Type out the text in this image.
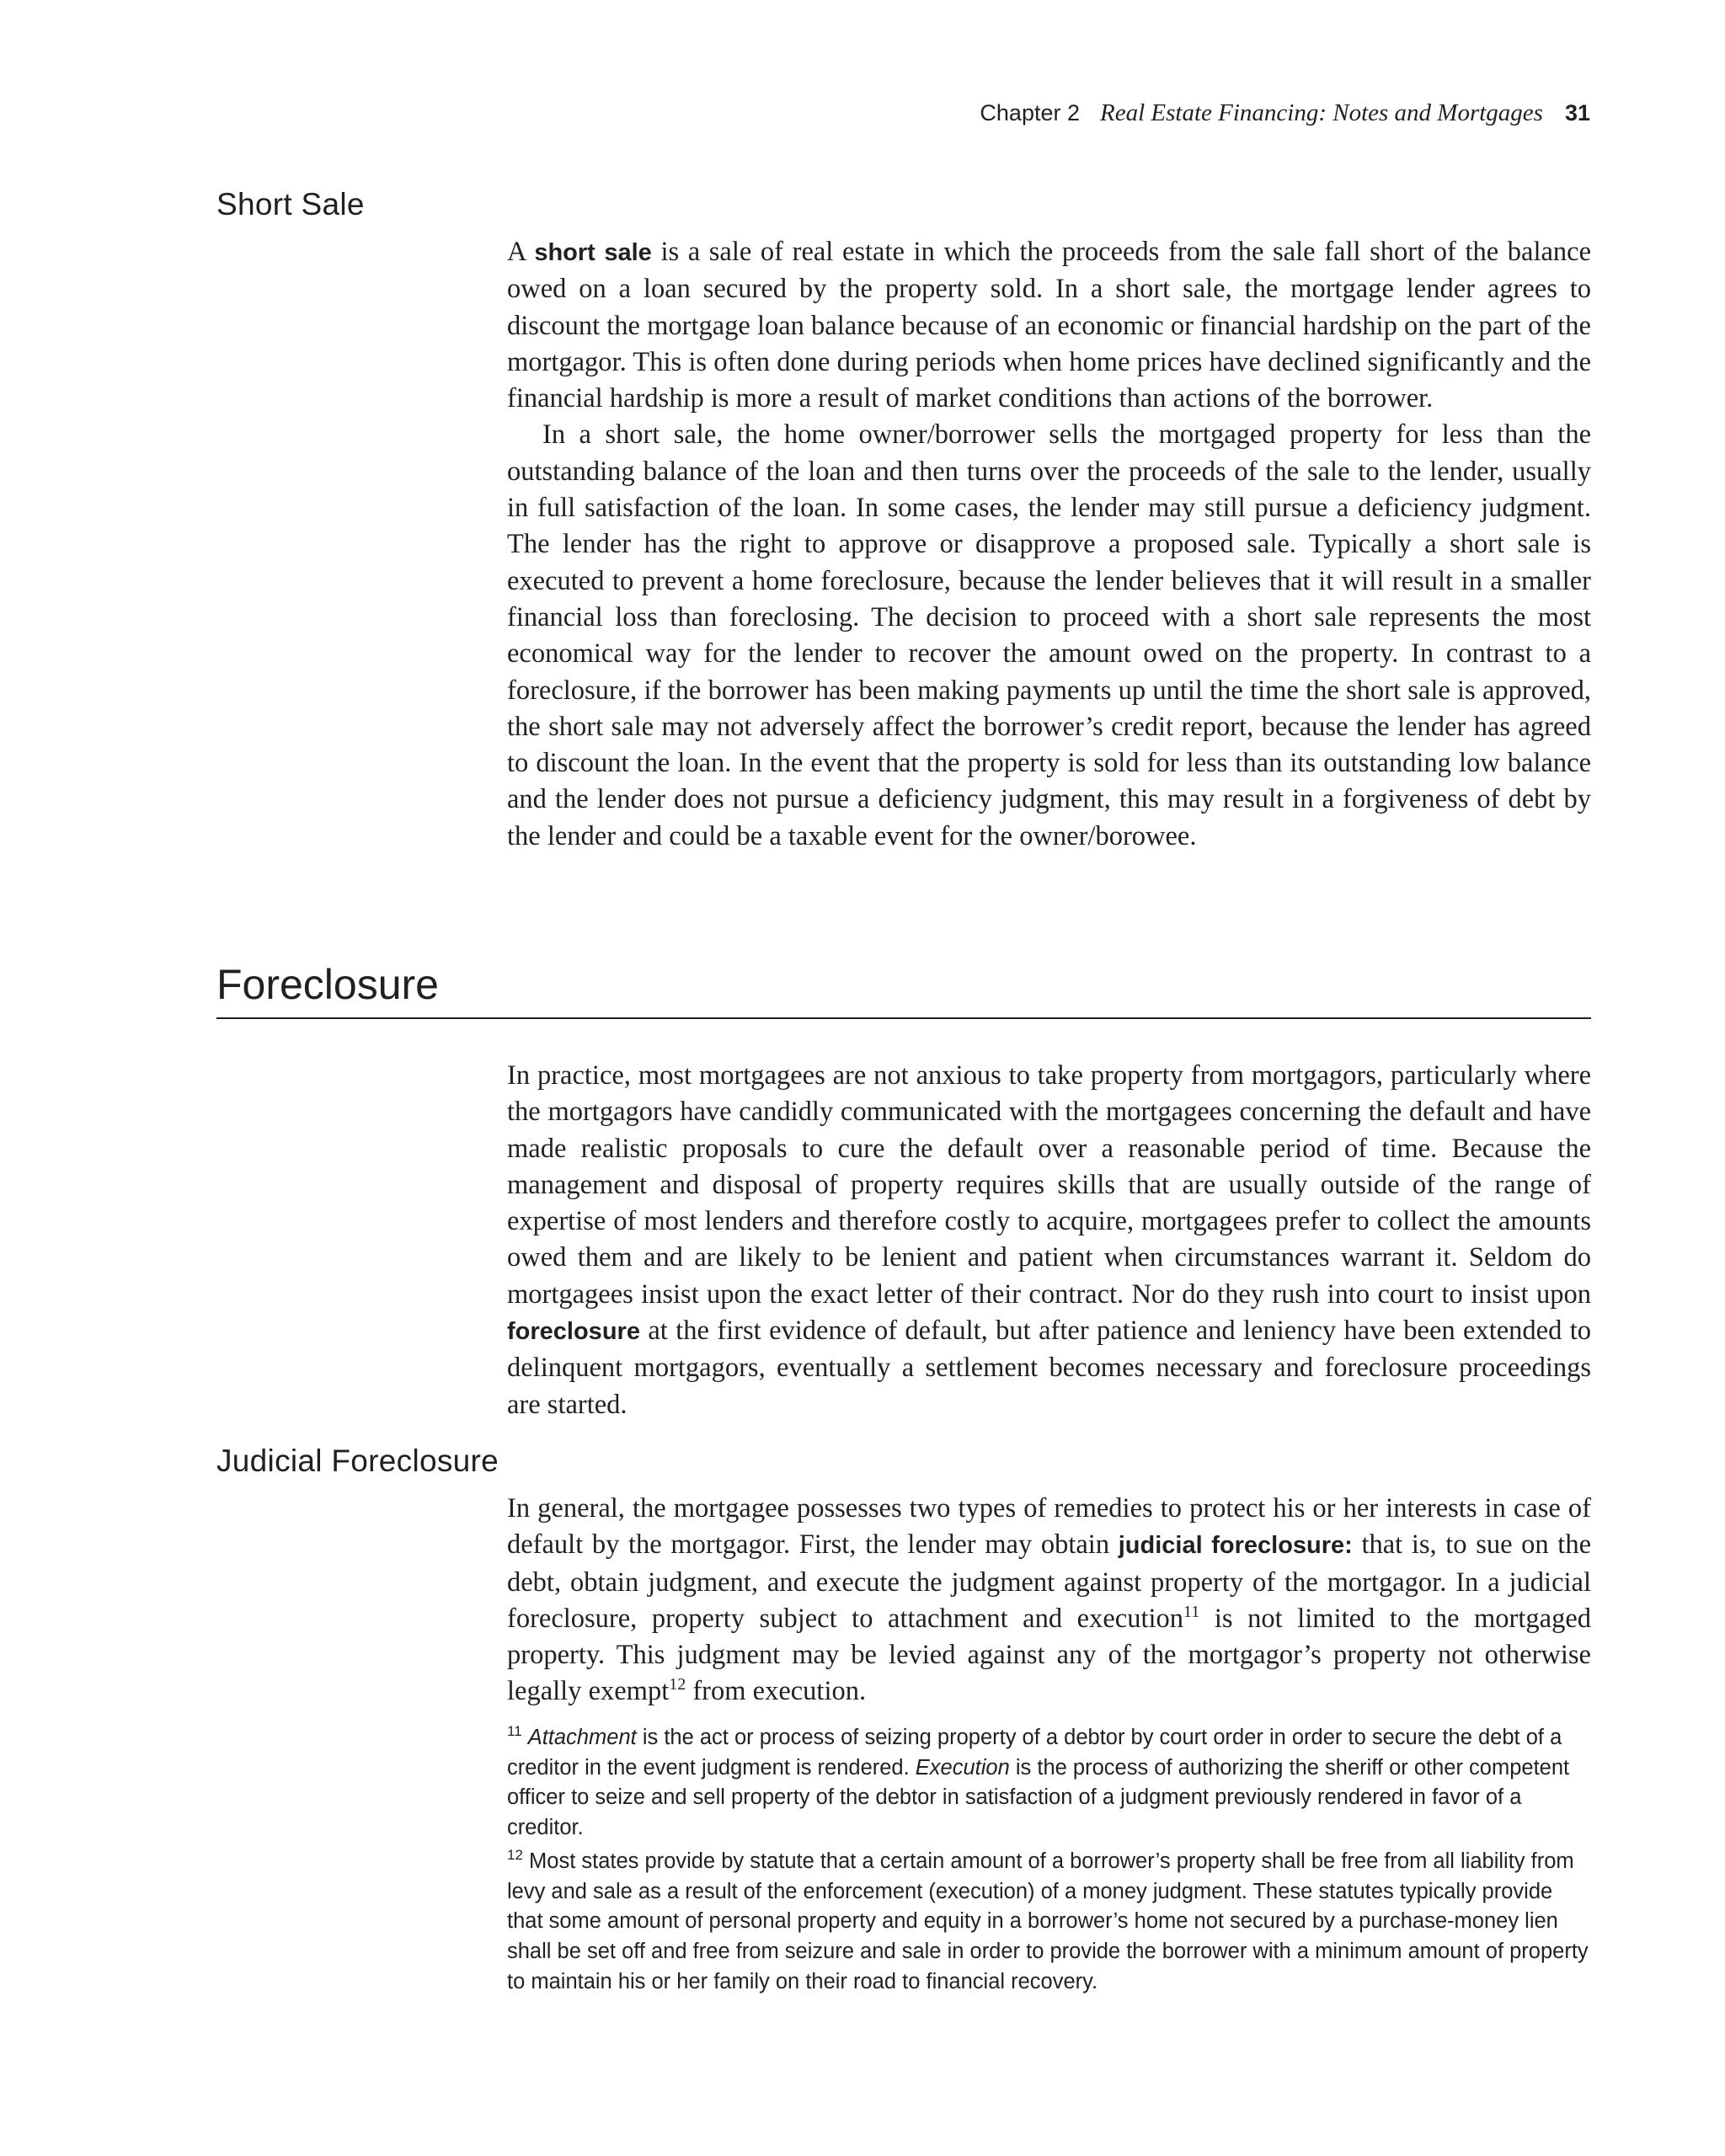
Chapter 2 Real Estate Financing: Notes and Mortgages 31
Short Sale

A short sale is a sale of real estate in which the proceeds from the sale fall short of the balance owed on a loan secured by the property sold. In a short sale, the mortgage lender agrees to discount the mortgage loan balance because of an economic or financial hardship on the part of the mortgagor. This is often done during periods when home prices have declined significantly and the financial hardship is more a result of market conditions than actions of the borrower.

In a short sale, the home owner/borrower sells the mortgaged property for less than the outstanding balance of the loan and then turns over the proceeds of the sale to the lender, usually in full satisfaction of the loan. In some cases, the lender may still pursue a deficiency judgment. The lender has the right to approve or disapprove a proposed sale. Typically a short sale is executed to prevent a home foreclosure, because the lender believes that it will result in a smaller financial loss than foreclosing. The decision to proceed with a short sale represents the most economical way for the lender to recover the amount owed on the property. In contrast to a foreclosure, if the borrower has been making payments up until the time the short sale is approved, the short sale may not adversely affect the borrower’s credit report, because the lender has agreed to discount the loan. In the event that the property is sold for less than its outstanding low balance and the lender does not pursue a deficiency judgment, this may result in a forgiveness of debt by the lender and could be a taxable event for the owner/borowee.

Foreclosure

In practice, most mortgagees are not anxious to take property from mortgagors, particularly where the mortgagors have candidly communicated with the mortgagees concerning the default and have made realistic proposals to cure the default over a reasonable period of time. Because the management and disposal of property requires skills that are usually outside of the range of expertise of most lenders and therefore costly to acquire, mortgagees prefer to collect the amounts owed them and are likely to be lenient and patient when circumstances warrant it. Seldom do mortgagees insist upon the exact letter of their contract. Nor do they rush into court to insist upon foreclosure at the first evidence of default, but after patience and leniency have been extended to delinquent mortgagors, eventually a settlement becomes necessary and foreclosure proceedings are started.

Judicial Foreclosure

In general, the mortgagee possesses two types of remedies to protect his or her interests in case of default by the mortgagor. First, the lender may obtain judicial foreclosure: that is, to sue on the debt, obtain judgment, and execute the judgment against property of the mortgagor. In a judicial foreclosure, property subject to attachment and execution$^{11}$ is not limited to the mortgaged property. This judgment may be levied against any of the mortgagor’s property not otherwise legally exempt$^{12}$ from execution.

$^{11}$ Attachment is the act or process of seizing property of a debtor by court order in order to secure the debt of a creditor in the event judgment is rendered. Execution is the process of authorizing the sheriff or other competent officer to seize and sell property of the debtor in satisfaction of a judgment previously rendered in favor of a creditor.

$^{12}$ Most states provide by statute that a certain amount of a borrower’s property shall be free from all liability from levy and sale as a result of the enforcement (execution) of a money judgment. These statutes typically provide that some amount of personal property and equity in a borrower’s home not secured by a purchase-money lien shall be set off and free from seizure and sale in order to provide the borrower with a minimum amount of property to maintain his or her family on their road to financial recovery.
